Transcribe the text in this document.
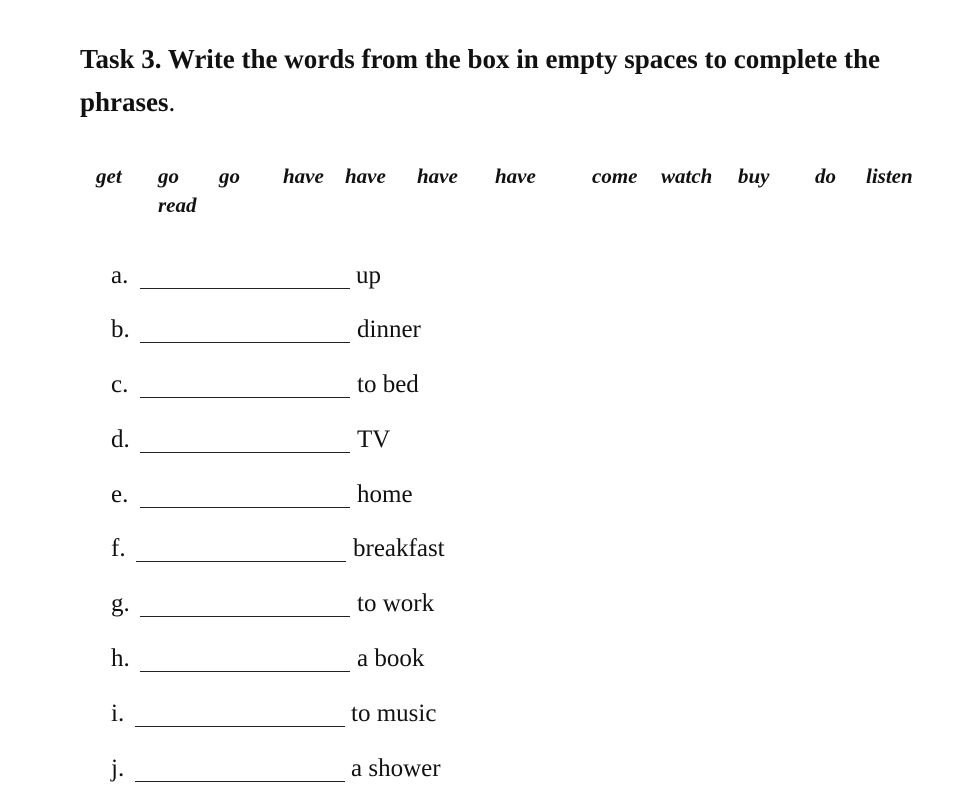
Task 3. Write the words from the box in empty spaces to complete the phrases.
get go go have have have have	come watch buy do listen
read
a.	up
b.	dinner
c.	to bed
d.	TV
e.	home
f.	breakfast
g.	to work
h.	a book
i.	to music
j.	a shower
